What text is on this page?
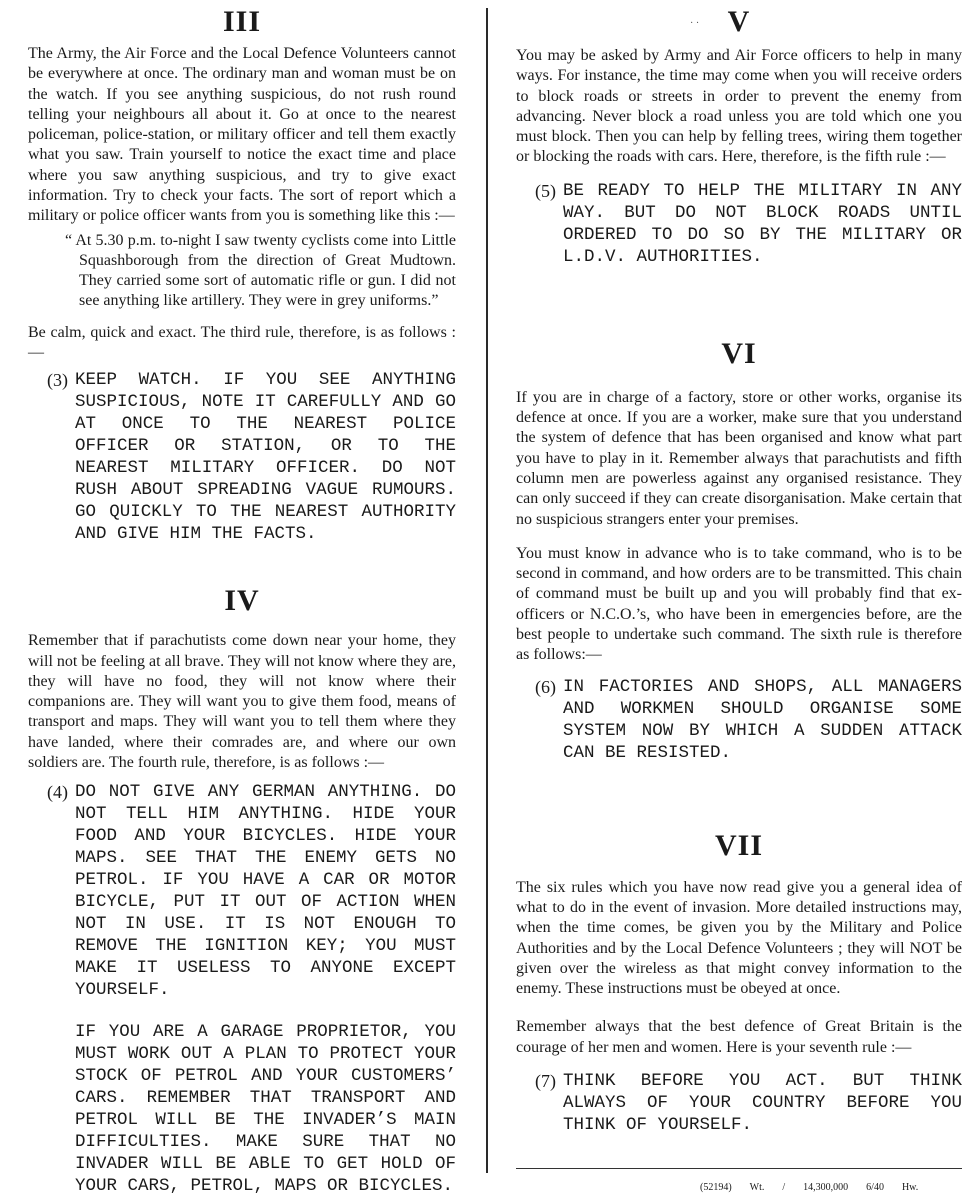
III

The Army, the Air Force and the Local Defence Volunteers cannot be everywhere at once. The ordinary man and woman must be on the watch. If you see anything suspicious, do not rush round telling your neighbours all about it. Go at once to the nearest policeman, police-station, or military officer and tell them exactly what you saw. Train yourself to notice the exact time and place where you saw anything suspicious, and try to give exact information. Try to check your facts. The sort of report which a military or police officer wants from you is something like this :—

“ At 5.30 p.m. to-night I saw twenty cyclists come into Little Squashborough from the direction of Great Mudtown. They carried some sort of automatic rifle or gun. I did not see anything like artillery. They were in grey uniforms.”

Be calm, quick and exact. The third rule, therefore, is as follows :—

(3) KEEP WATCH. IF YOU SEE ANYTHING SUSPICIOUS, NOTE IT CAREFULLY AND GO AT ONCE TO THE NEAREST POLICE OFFICER OR STATION, OR TO THE NEAREST MILITARY OFFICER. DO NOT RUSH ABOUT SPREADING VAGUE RUMOURS. GO QUICKLY TO THE NEAREST AUTHORITY AND GIVE HIM THE FACTS.
IV

Remember that if parachutists come down near your home, they will not be feeling at all brave. They will not know where they are, they will have no food, they will not know where their companions are. They will want you to give them food, means of transport and maps. They will want you to tell them where they have landed, where their comrades are, and where our own soldiers are. The fourth rule, therefore, is as follows :—

(4) DO NOT GIVE ANY GERMAN ANYTHING. DO NOT TELL HIM ANYTHING. HIDE YOUR FOOD AND YOUR BICYCLES. HIDE YOUR MAPS. SEE THAT THE ENEMY GETS NO PETROL. IF YOU HAVE A CAR OR MOTOR BICYCLE, PUT IT OUT OF ACTION WHEN NOT IN USE. IT IS NOT ENOUGH TO REMOVE THE IGNITION KEY; YOU MUST MAKE IT USELESS TO ANYONE EXCEPT YOURSELF.
IF YOU ARE A GARAGE PROPRIETOR, YOU MUST WORK OUT A PLAN TO PROTECT YOUR STOCK OF PETROL AND YOUR CUSTOMERS’ CARS. REMEMBER THAT TRANSPORT AND PETROL WILL BE THE INVADER’S MAIN DIFFICULTIES. MAKE SURE THAT NO INVADER WILL BE ABLE TO GET HOLD OF YOUR CARS, PETROL, MAPS OR BICYCLES.
· · V

You may be asked by Army and Air Force officers to help in many ways. For instance, the time may come when you will receive orders to block roads or streets in order to prevent the enemy from advancing. Never block a road unless you are told which one you must block. Then you can help by felling trees, wiring them together or blocking the roads with cars. Here, therefore, is the fifth rule :—

(5) BE READY TO HELP THE MILITARY IN ANY WAY. BUT DO NOT BLOCK ROADS UNTIL ORDERED TO DO SO BY THE MILITARY OR L.D.V. AUTHORITIES.
VI

If you are in charge of a factory, store or other works, organise its defence at once. If you are a worker, make sure that you understand the system of defence that has been organised and know what part you have to play in it. Remember always that parachutists and fifth column men are powerless against any organised resistance. They can only succeed if they can create disorganisation. Make certain that no suspicious strangers enter your premises.

You must know in advance who is to take command, who is to be second in command, and how orders are to be transmitted. This chain of command must be built up and you will probably find that ex-officers or N.C.O.’s, who have been in emergencies before, are the best people to undertake such command. The sixth rule is therefore as follows:—

(6) IN FACTORIES AND SHOPS, ALL MANAGERS AND WORKMEN SHOULD ORGANISE SOME SYSTEM NOW BY WHICH A SUDDEN ATTACK CAN BE RESISTED.
VII

The six rules which you have now read give you a general idea of what to do in the event of invasion. More detailed instructions may, when the time comes, be given you by the Military and Police Authorities and by the Local Defence Volunteers ; they will NOT be given over the wireless as that might convey information to the enemy. These instructions must be obeyed at once.

Remember always that the best defence of Great Britain is the courage of her men and women. Here is your seventh rule :—

(7) THINK BEFORE YOU ACT. BUT THINK ALWAYS OF YOUR COUNTRY BEFORE YOU THINK OF YOURSELF.
(52194) Wt. / 14,300,000 6/40 Hw.
